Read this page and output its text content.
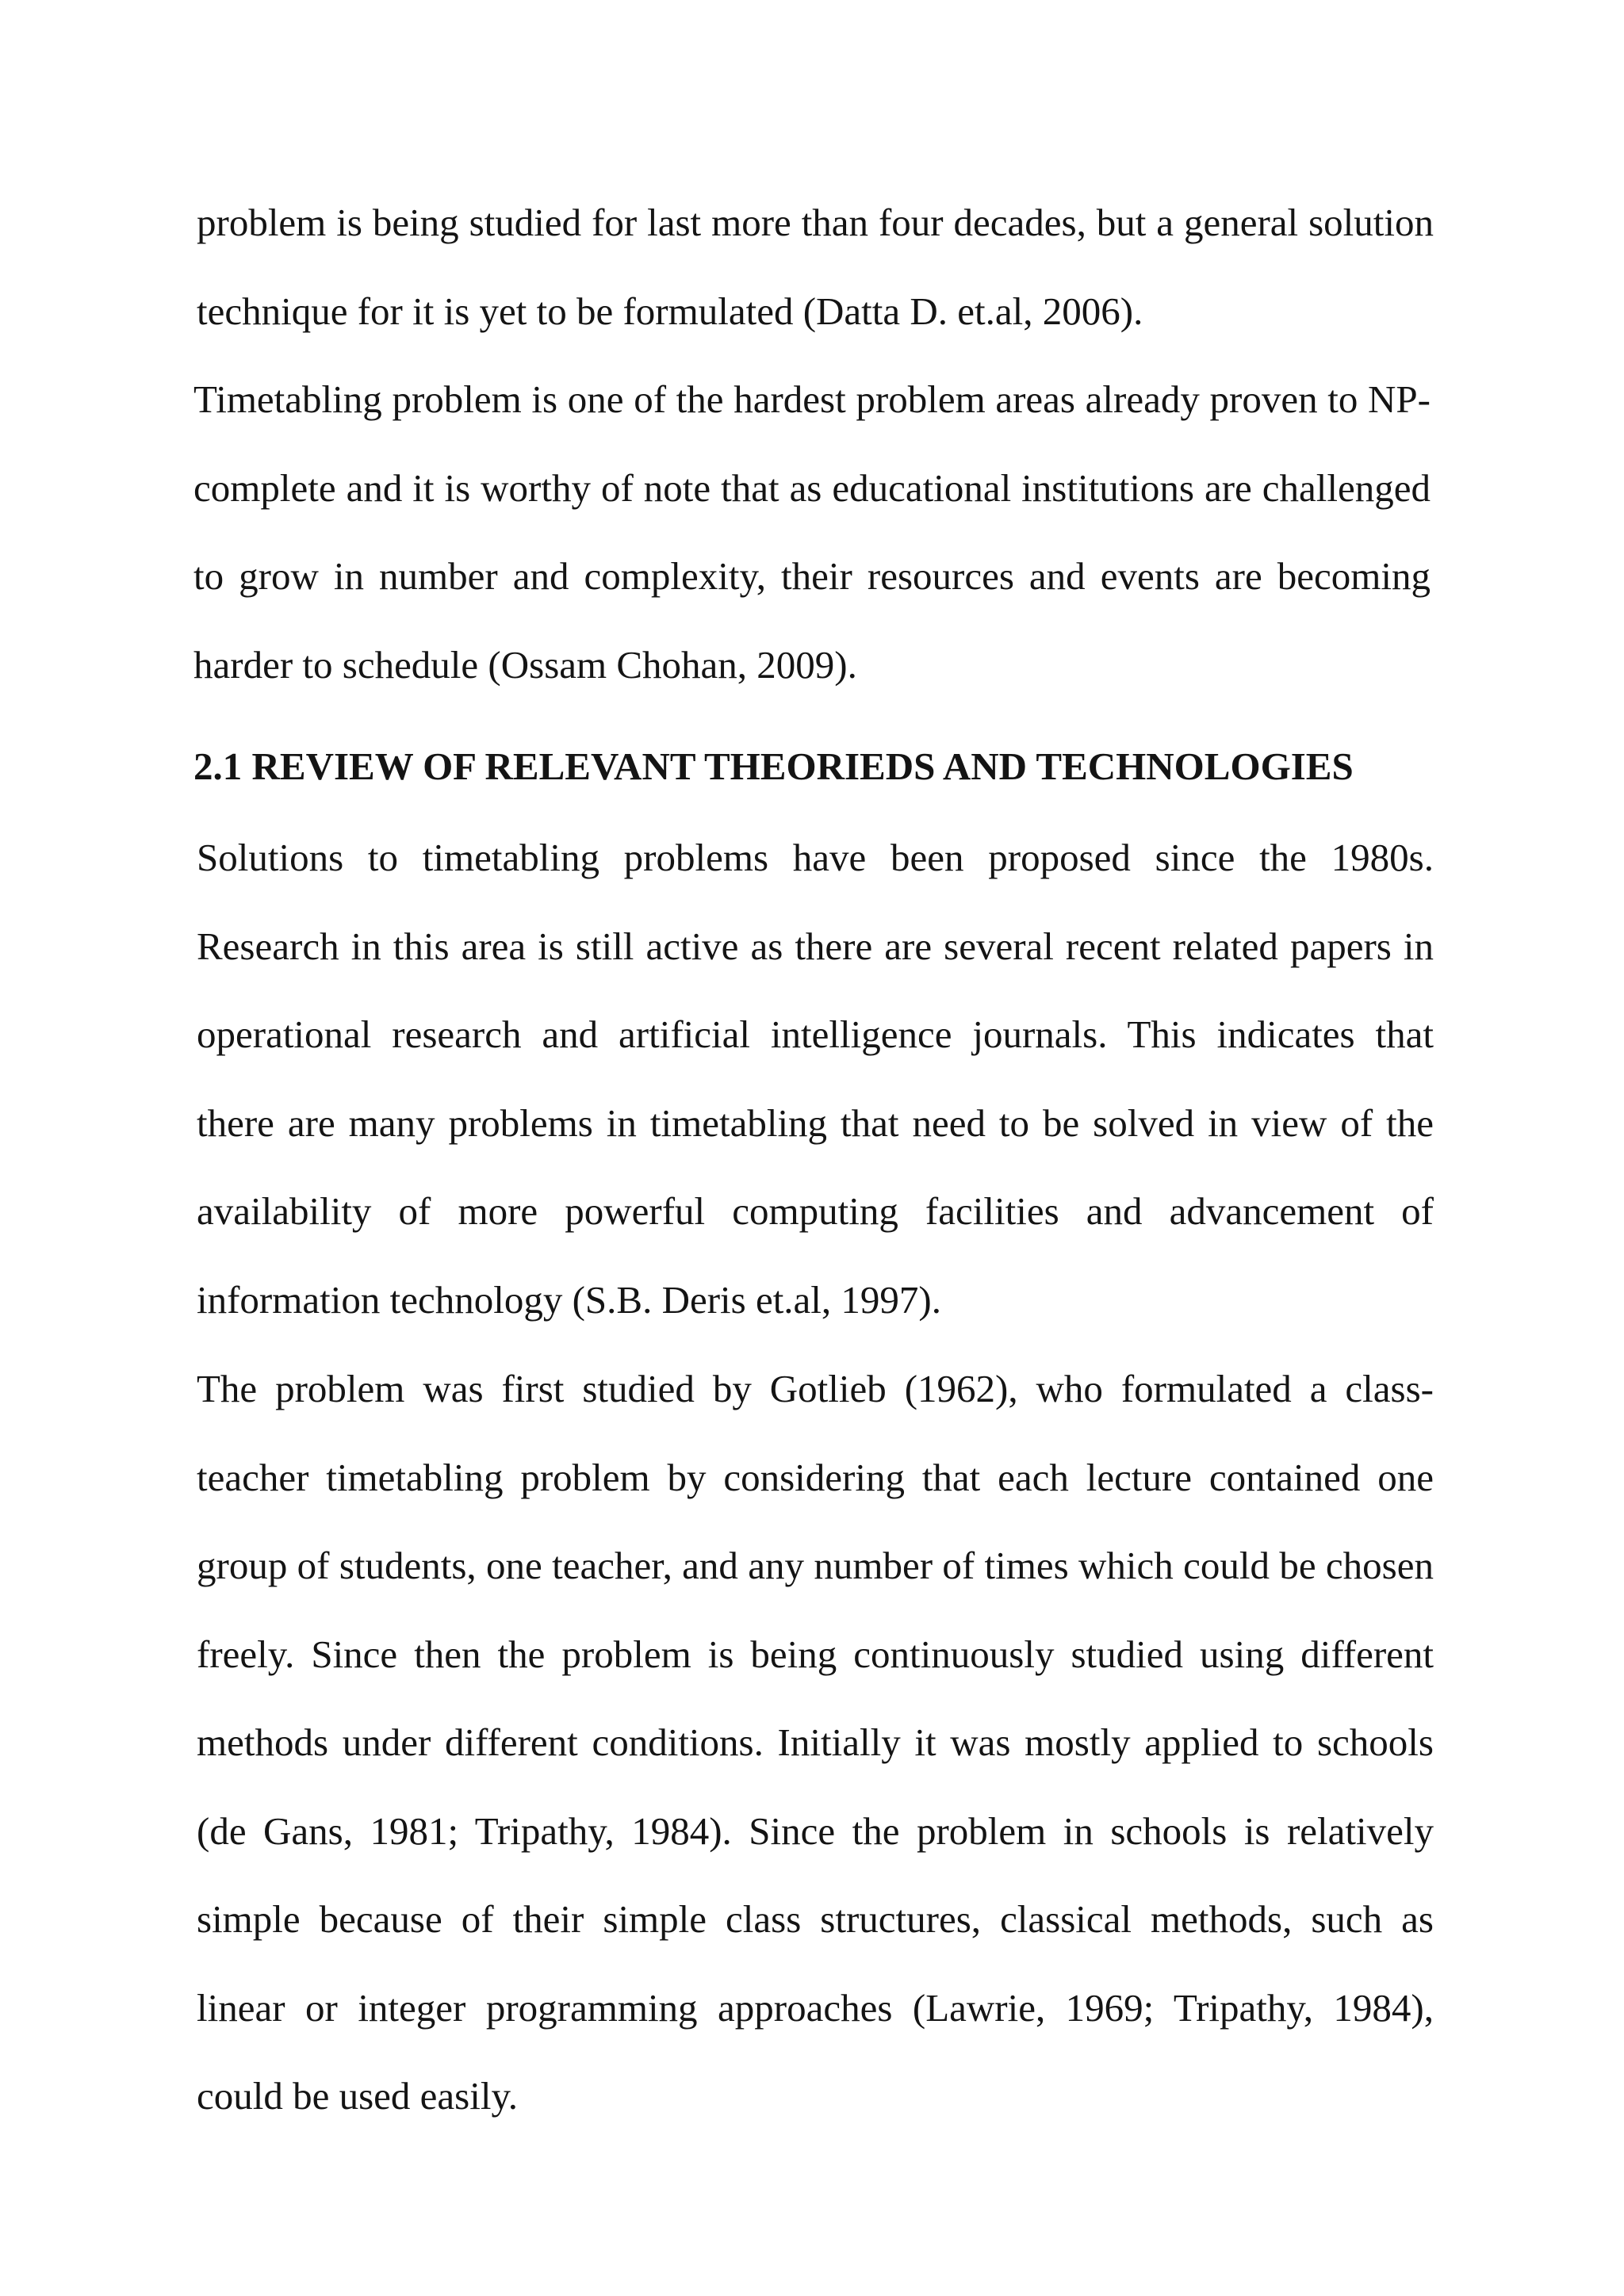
problem is being studied for last more than four decades, but a general solution technique for it is yet to be formulated (Datta D. et.al, 2006).

Timetabling problem is one of the hardest problem areas already proven to NP-complete and it is worthy of note that as educational institutions are challenged to grow in number and complexity, their resources and events are becoming harder to schedule (Ossam Chohan, 2009).

2.1 REVIEW OF RELEVANT THEORIEDS AND TECHNOLOGIES

Solutions to timetabling problems have been proposed since the 1980s. Research in this area is still active as there are several recent related papers in operational research and artificial intelligence journals. This indicates that there are many problems in timetabling that need to be solved in view of the availability of more powerful computing facilities and advancement of information technology (S.B. Deris et.al, 1997).

The problem was first studied by Gotlieb (1962), who formulated a class-teacher timetabling problem by considering that each lecture contained one group of students, one teacher, and any number of times which could be chosen freely. Since then the problem is being continuously studied using different methods under different conditions. Initially it was mostly applied to schools (de Gans, 1981; Tripathy, 1984). Since the problem in schools is relatively simple because of their simple class structures, classical methods, such as linear or integer programming approaches (Lawrie, 1969; Tripathy, 1984), could be used easily.
